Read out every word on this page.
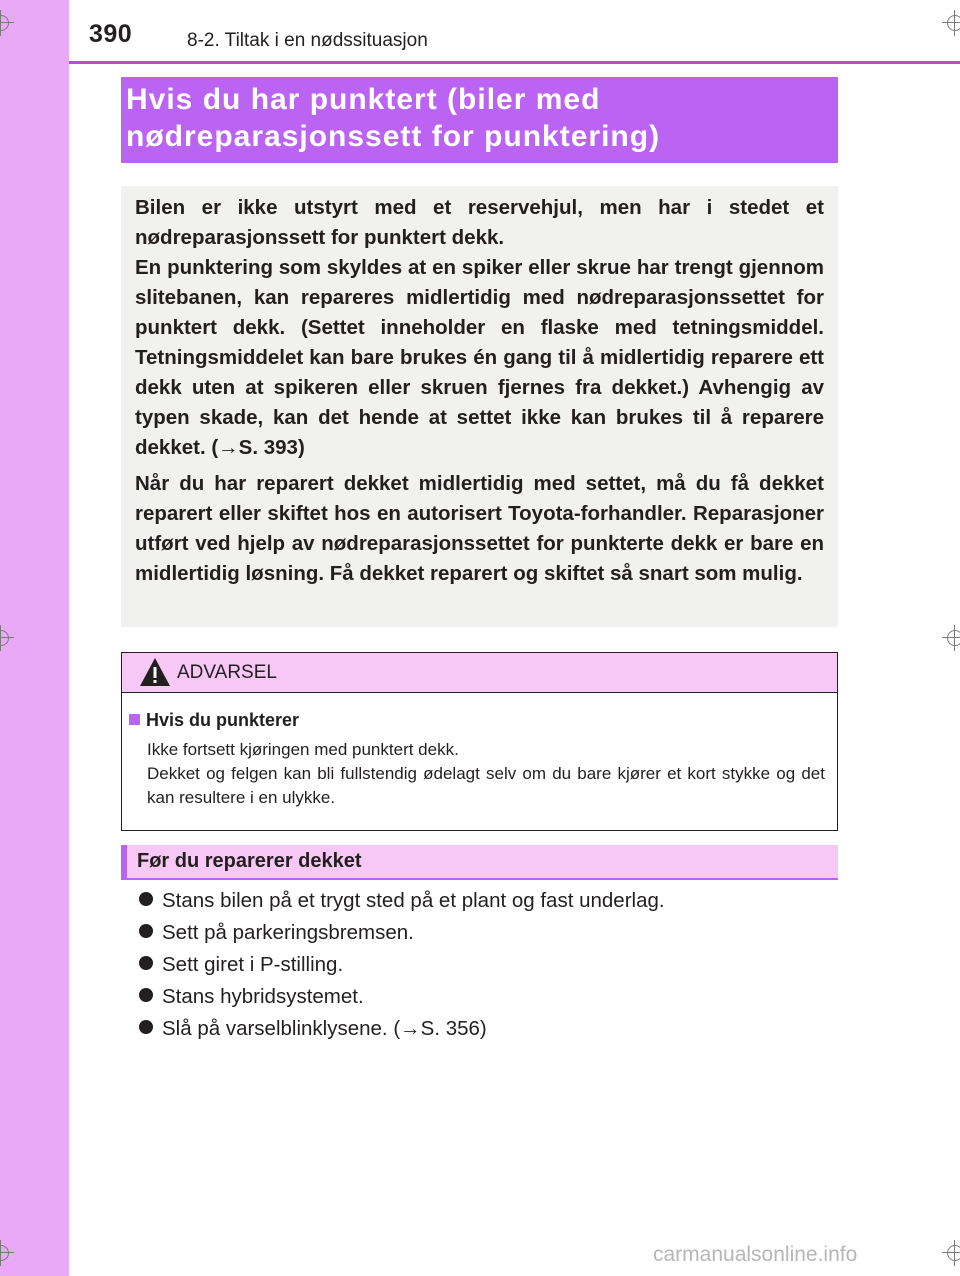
390	8-2. Tiltak i en nødssituasjon
Hvis du har punktert (biler med
nødreparasjonssett for punktering)

Bilen er ikke utstyrt med et reservehjul, men har i stedet et nødreparasjonssett for punktert dekk.

En punktering som skyldes at en spiker eller skrue har trengt gjennom slitebanen, kan repareres midlertidig med nødreparasjonssettet for punktert dekk. (Settet inneholder en flaske med tetningsmiddel. Tetningsmiddelet kan bare brukes én gang til å midlertidig reparere ett dekk uten at spikeren eller skruen fjernes fra dekket.) Avhengig av typen skade, kan det hende at settet ikke kan brukes til å reparere dekket. (→S. 393)

Når du har reparert dekket midlertidig med settet, må du få dekket reparert eller skiftet hos en autorisert Toyota-forhandler. Reparasjoner utført ved hjelp av nødreparasjonssettet for punkterte dekk er bare en midlertidig løsning. Få dekket reparert og skiftet så snart som mulig.

ADVARSEL
Hvis du punkterer
Ikke fortsett kjøringen med punktert dekk.
Dekket og felgen kan bli fullstendig ødelagt selv om du bare kjører et kort stykke og det kan resultere i en ulykke.
Før du reparerer dekket
Stans bilen på et trygt sted på et plant og fast underlag.
Sett på parkeringsbremsen.
Sett giret i P-stilling.
Stans hybridsystemet.
Slå på varselblinklysene. (→S. 356)
carmanualsonline.info
